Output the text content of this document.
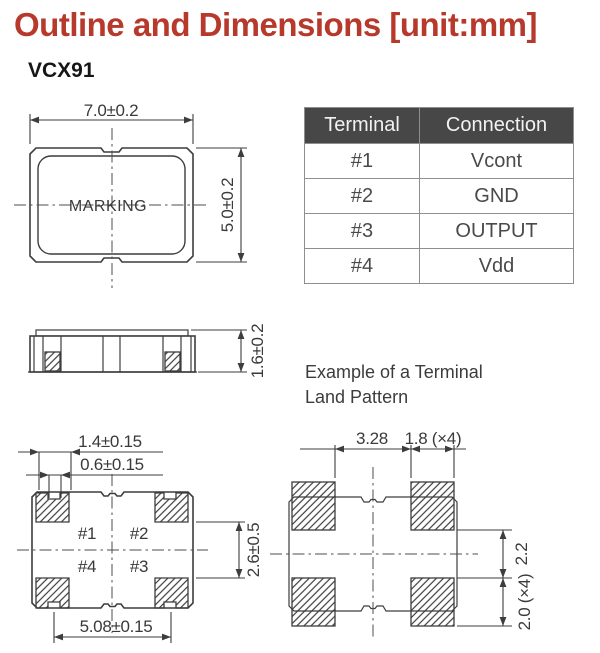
Outline and Dimensions [unit:mm]
VCX91
MARKING
7.0±0.2
5.0±0.2
1.6±0.2
#1 #2
#3
#4
1.4±0.15
0.6±0.15
5.08±0.15
2.6±0.5
3.28 1.8 (×4)
2.2
2.0 (×4)
Terminal	Connection
#1	Vcont
#2	GND
#3	OUTPUT
#4	Vdd
Example of a Terminal
Land Pattern
